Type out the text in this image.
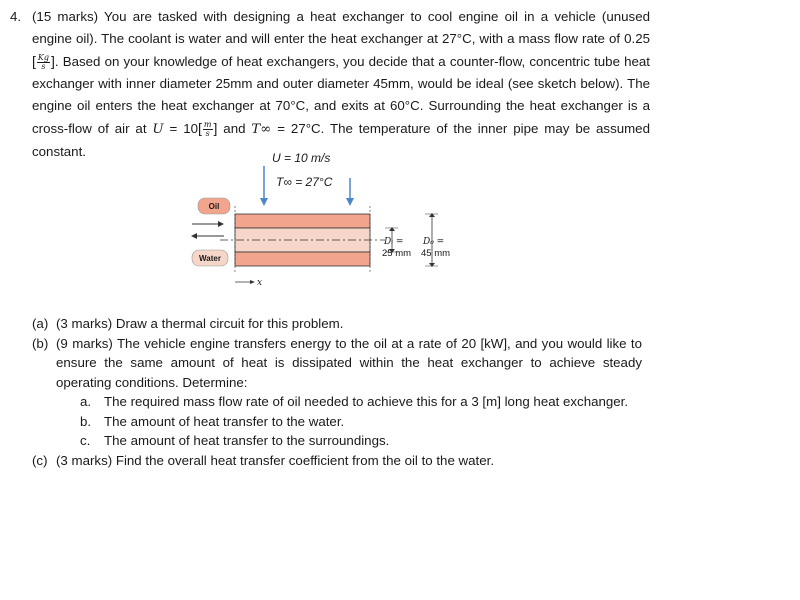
4. (15 marks) You are tasked with designing a heat exchanger to cool engine oil in a vehicle (unused engine oil). The coolant is water and will enter the heat exchanger at 27°C, with a mass flow rate of 0.25 [ $\frac{Kg}{s}$ ]. Based on your knowledge of heat exchangers, you decide that a counter-flow, concentric tube heat exchanger with inner diameter 25mm and outer diameter 45mm, would be ideal (see sketch below). The engine oil enters the heat exchanger at 70°C, and exits at 60°C. Surrounding the heat exchanger is a cross-flow of air at $U = 10[ \frac{m}{s}$ ] and T∞ = 27°C. The temperature of the inner pipe may be assumed constant.	U = 10 m/s
T∞ = 27°C
Oil
Water
x
Dᵢ = D₀ =
25 mm 45 mm
(a) (3 marks) Draw a thermal circuit for this problem.
(b) (9 marks) The vehicle engine transfers energy to the oil at a rate of 20 [kW], and you would like to ensure the same amount of heat is dissipated within the heat exchanger to achieve steady operating conditions. Determine:
a. The required mass flow rate of oil needed to achieve this for a 3 [m] long heat exchanger.
b. The amount of heat transfer to the water.
c. The amount of heat transfer to the surroundings.
(c) (3 marks) Find the overall heat transfer coefficient from the oil to the water.
